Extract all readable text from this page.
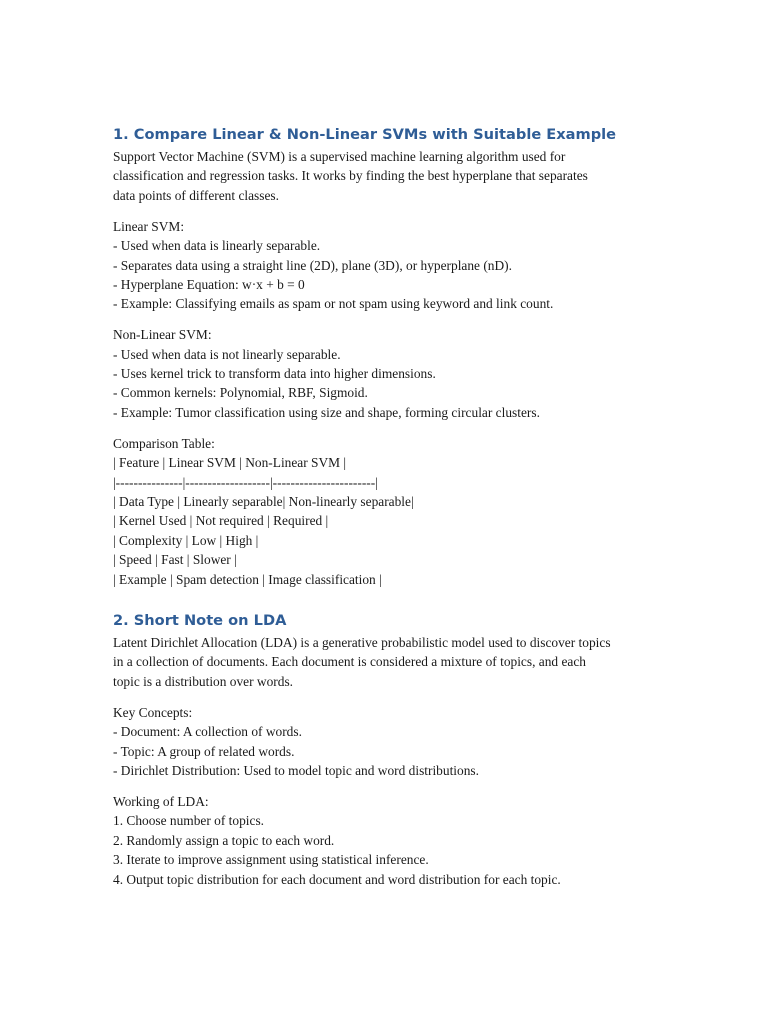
1. Compare Linear & Non-Linear SVMs with Suitable Example
Support Vector Machine (SVM) is a supervised machine learning algorithm used for
classification and regression tasks. It works by finding the best hyperplane that separates
data points of different classes.
Linear SVM:
- Used when data is linearly separable.
- Separates data using a straight line (2D), plane (3D), or hyperplane (nD).
- Hyperplane Equation: w·x + b = 0
- Example: Classifying emails as spam or not spam using keyword and link count.
Non-Linear SVM:
- Used when data is not linearly separable.
- Uses kernel trick to transform data into higher dimensions.
- Common kernels: Polynomial, RBF, Sigmoid.
- Example: Tumor classification using size and shape, forming circular clusters.
Comparison Table:
| Feature | Linear SVM | Non-Linear SVM |
|---------------|-------------------|-----------------------|
| Data Type | Linearly separable| Non-linearly separable|
| Kernel Used | Not required | Required |
| Complexity | Low | High |
| Speed | Fast | Slower |
| Example | Spam detection | Image classification |
2. Short Note on LDA
Latent Dirichlet Allocation (LDA) is a generative probabilistic model used to discover topics
in a collection of documents. Each document is considered a mixture of topics, and each
topic is a distribution over words.
Key Concepts:
- Document: A collection of words.
- Topic: A group of related words.
- Dirichlet Distribution: Used to model topic and word distributions.
Working of LDA:
1. Choose number of topics.
2. Randomly assign a topic to each word.
3. Iterate to improve assignment using statistical inference.
4. Output topic distribution for each document and word distribution for each topic.
